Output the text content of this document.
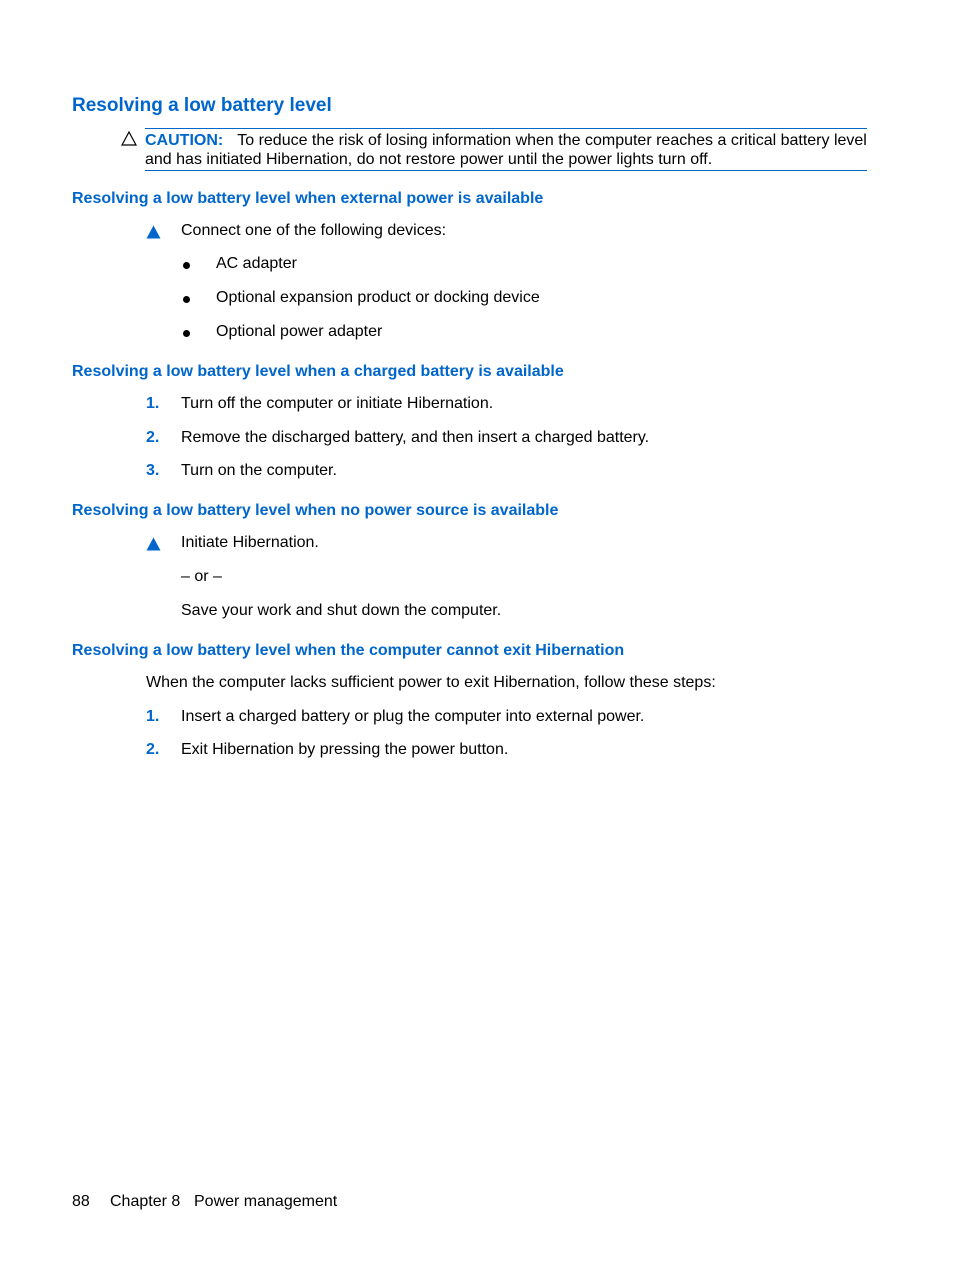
Resolving a low battery level
CAUTION: To reduce the risk of losing information when the computer reaches a critical battery level and has initiated Hibernation, do not restore power until the power lights turn off.
Resolving a low battery level when external power is available
Connect one of the following devices:
AC adapter
Optional expansion product or docking device
Optional power adapter
Resolving a low battery level when a charged battery is available
1. Turn off the computer or initiate Hibernation.
2. Remove the discharged battery, and then insert a charged battery.
3. Turn on the computer.
Resolving a low battery level when no power source is available
Initiate Hibernation.
– or –
Save your work and shut down the computer.
Resolving a low battery level when the computer cannot exit Hibernation
When the computer lacks sufficient power to exit Hibernation, follow these steps:
1. Insert a charged battery or plug the computer into external power.
2. Exit Hibernation by pressing the power button.
88 Chapter 8 Power management
